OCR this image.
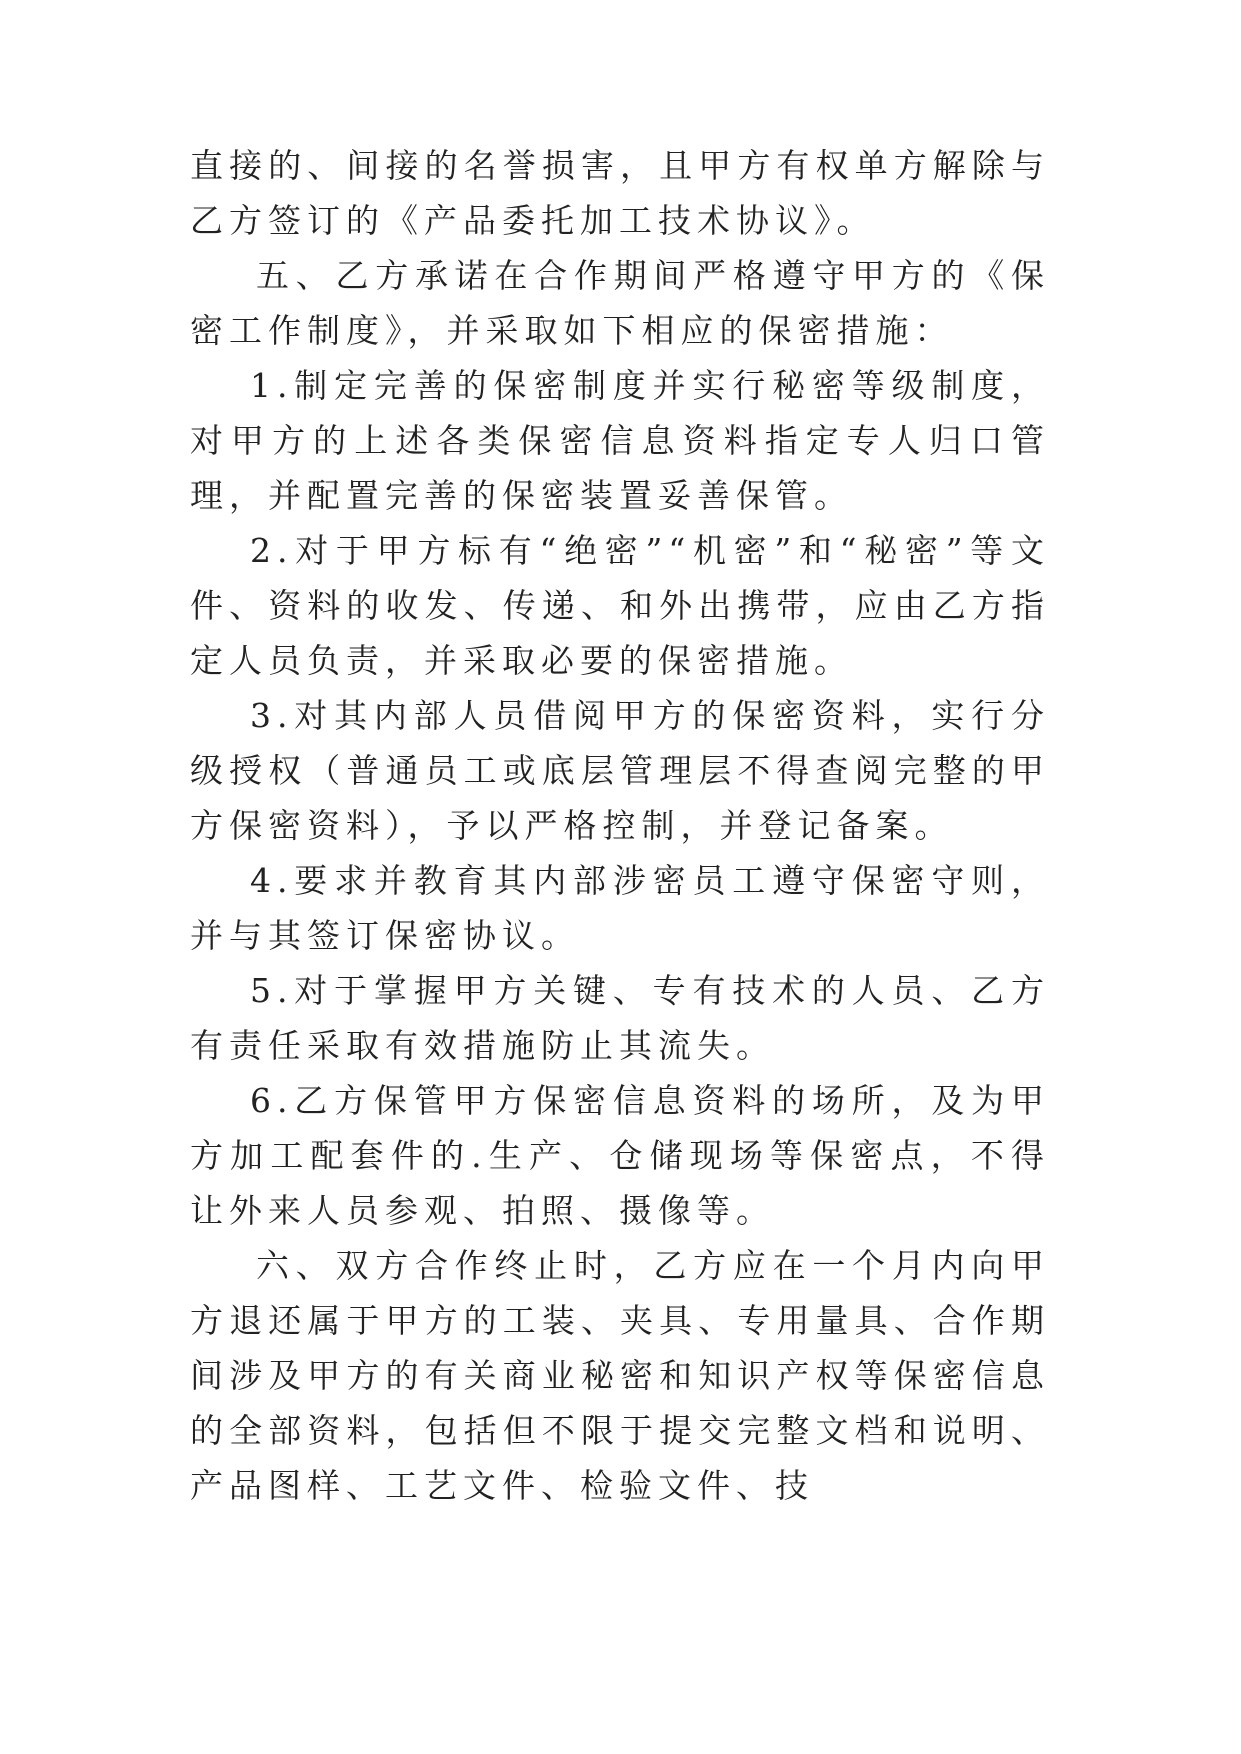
直接的、间接的名誉损害，且甲方有权单方解除与乙方签订的《产品委托加工技术协议》。

五、乙方承诺在合作期间严格遵守甲方的《保密工作制度》，并采取如下相应的保密措施：

1.制定完善的保密制度并实行秘密等级制度，对甲方的上述各类保密信息资料指定专人归口管理，并配置完善的保密装置妥善保管。

2.对于甲方标有“绝密”“机密”和“秘密”等文件、资料的收发、传递、和外出携带，应由乙方指定人员负责，并采取必要的保密措施。

3.对其内部人员借阅甲方的保密资料，实行分级授权（普通员工或底层管理层不得查阅完整的甲方保密资料），予以严格控制，并登记备案。

4.要求并教育其内部涉密员工遵守保密守则，并与其签订保密协议。

5.对于掌握甲方关键、专有技术的人员、乙方有责任采取有效措施防止其流失。

6.乙方保管甲方保密信息资料的场所，及为甲方加工配套件的.生产、仓储现场等保密点，不得让外来人员参观、拍照、摄像等。

六、双方合作终止时，乙方应在一个月内向甲方退还属于甲方的工装、夹具、专用量具、合作期间涉及甲方的有关商业秘密和知识产权等保密信息的全部资料，包括但不限于提交完整文档和说明、产品图样、工艺文件、检验文件、技
